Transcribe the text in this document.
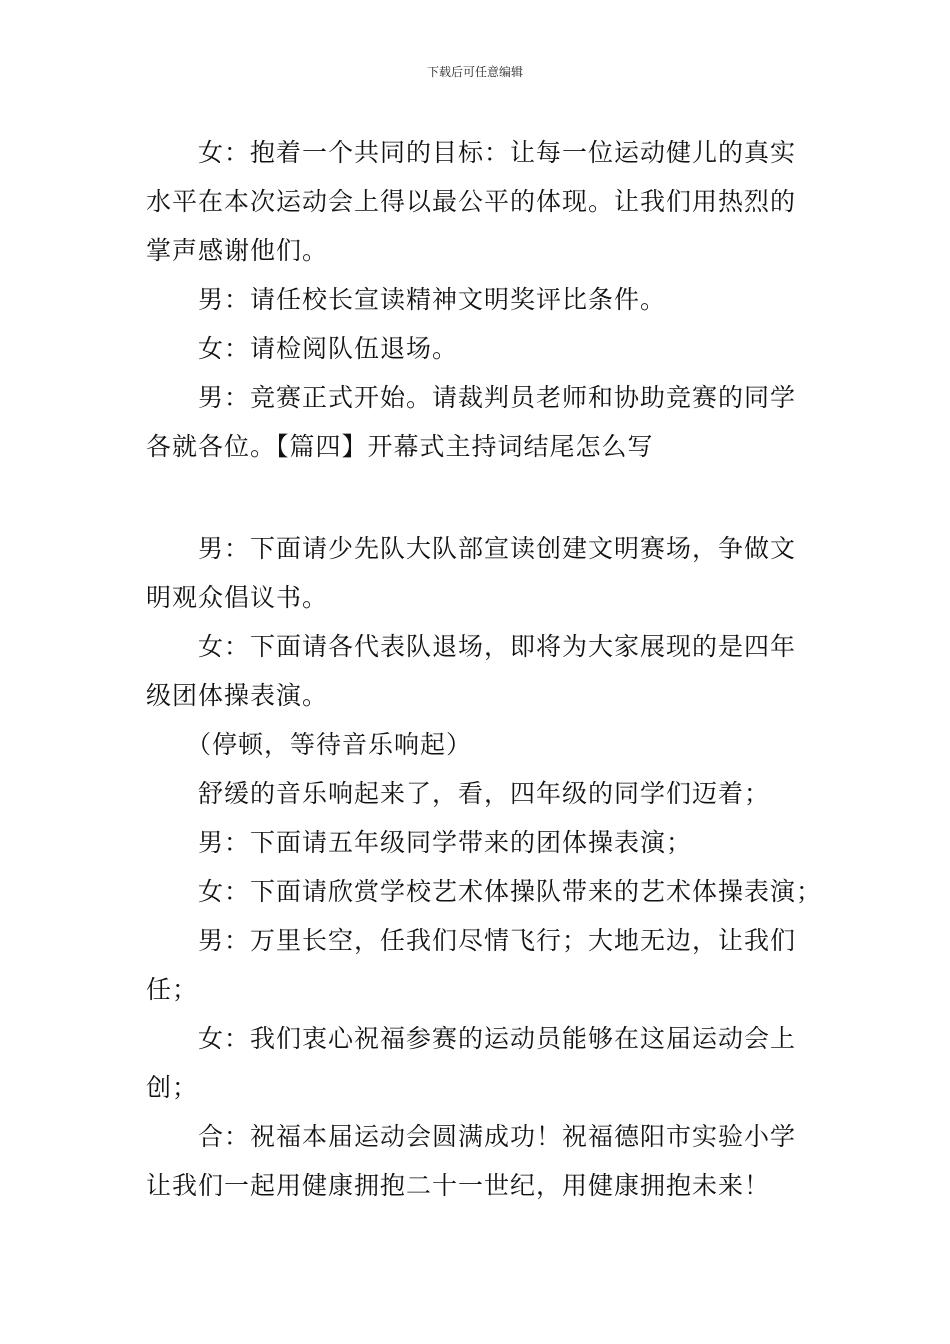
下载后可任意编辑
女：抱着一个共同的目标：让每一位运动健儿的真实
水平在本次运动会上得以最公平的体现。让我们用热烈的
掌声感谢他们。
男：请任校长宣读精神文明奖评比条件。
女：请检阅队伍退场。
男：竞赛正式开始。请裁判员老师和协助竞赛的同学
各就各位。【篇四】开幕式主持词结尾怎么写
男：下面请少先队大队部宣读创建文明赛场，争做文
明观众倡议书。
女：下面请各代表队退场，即将为大家展现的是四年
级团体操表演。
（停顿，等待音乐响起）
舒缓的音乐响起来了，看，四年级的同学们迈着；
男：下面请五年级同学带来的团体操表演；
女：下面请欣赏学校艺术体操队带来的艺术体操表演；
男：万里长空，任我们尽情飞行；大地无边，让我们
任；
女：我们衷心祝福参赛的运动员能够在这届运动会上
创；
合：祝福本届运动会圆满成功！祝福德阳市实验小学
让我们一起用健康拥抱二十一世纪，用健康拥抱未来！
